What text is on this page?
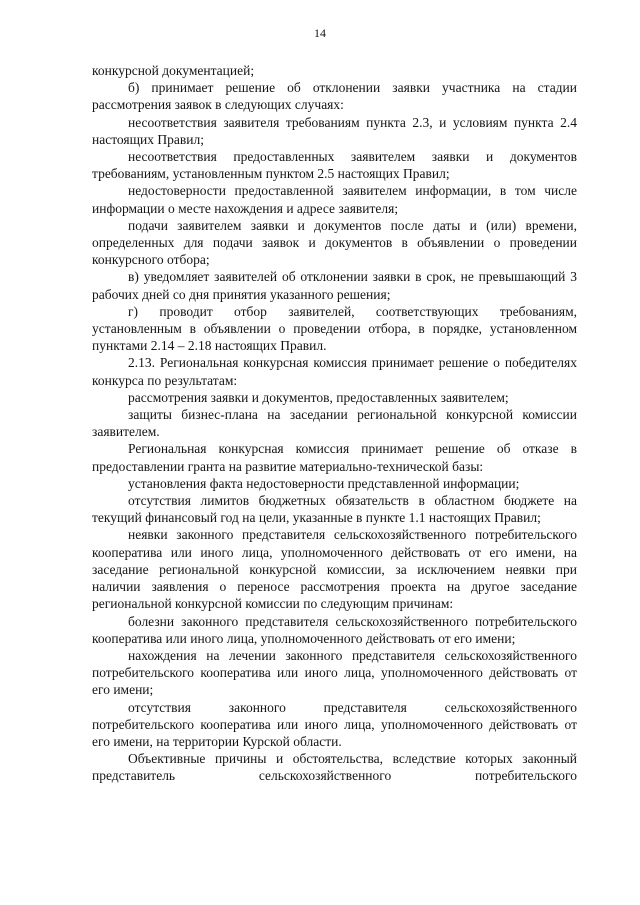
14

конкурсной документацией;

б) принимает решение об отклонении заявки участника на стадии рассмотрения заявок в следующих случаях:

несоответствия заявителя требованиям пункта 2.3, и условиям пункта 2.4 настоящих Правил;

несоответствия предоставленных заявителем заявки и документов требованиям, установленным пунктом 2.5 настоящих Правил;

недостоверности предоставленной заявителем информации, в том числе информации о месте нахождения и адресе заявителя;

подачи заявителем заявки и документов после даты и (или) времени, определенных для подачи заявок и документов в объявлении о проведении конкурсного отбора;

в) уведомляет заявителей об отклонении заявки в срок, не превышающий 3 рабочих дней со дня принятия указанного решения;

г) проводит отбор заявителей, соответствующих требованиям, установленным в объявлении о проведении отбора, в порядке, установленном пунктами 2.14 – 2.18 настоящих Правил.

2.13. Региональная конкурсная комиссия принимает решение о победителях конкурса по результатам:

рассмотрения заявки и документов, предоставленных заявителем;

защиты бизнес-плана на заседании региональной конкурсной комиссии заявителем.

Региональная конкурсная комиссия принимает решение об отказе в предоставлении гранта на развитие материально-технической базы:

установления факта недостоверности представленной информации;

отсутствия лимитов бюджетных обязательств в областном бюджете на текущий финансовый год на цели, указанные в пункте 1.1 настоящих Правил;

неявки законного представителя сельскохозяйственного потребительского кооператива или иного лица, уполномоченного действовать от его имени, на заседание региональной конкурсной комиссии, за исключением неявки при наличии заявления о переносе рассмотрения проекта на другое заседание региональной конкурсной комиссии по следующим причинам:

болезни законного представителя сельскохозяйственного потребительского кооператива или иного лица, уполномоченного действовать от его имени;

нахождения на лечении законного представителя сельскохозяйственного потребительского кооператива или иного лица, уполномоченного действовать от его имени;

отсутствия законного представителя сельскохозяйственного потребительского кооператива или иного лица, уполномоченного действовать от его имени, на территории Курской области.

Объективные причины и обстоятельства, вследствие которых законный представитель сельскохозяйственного потребительского
